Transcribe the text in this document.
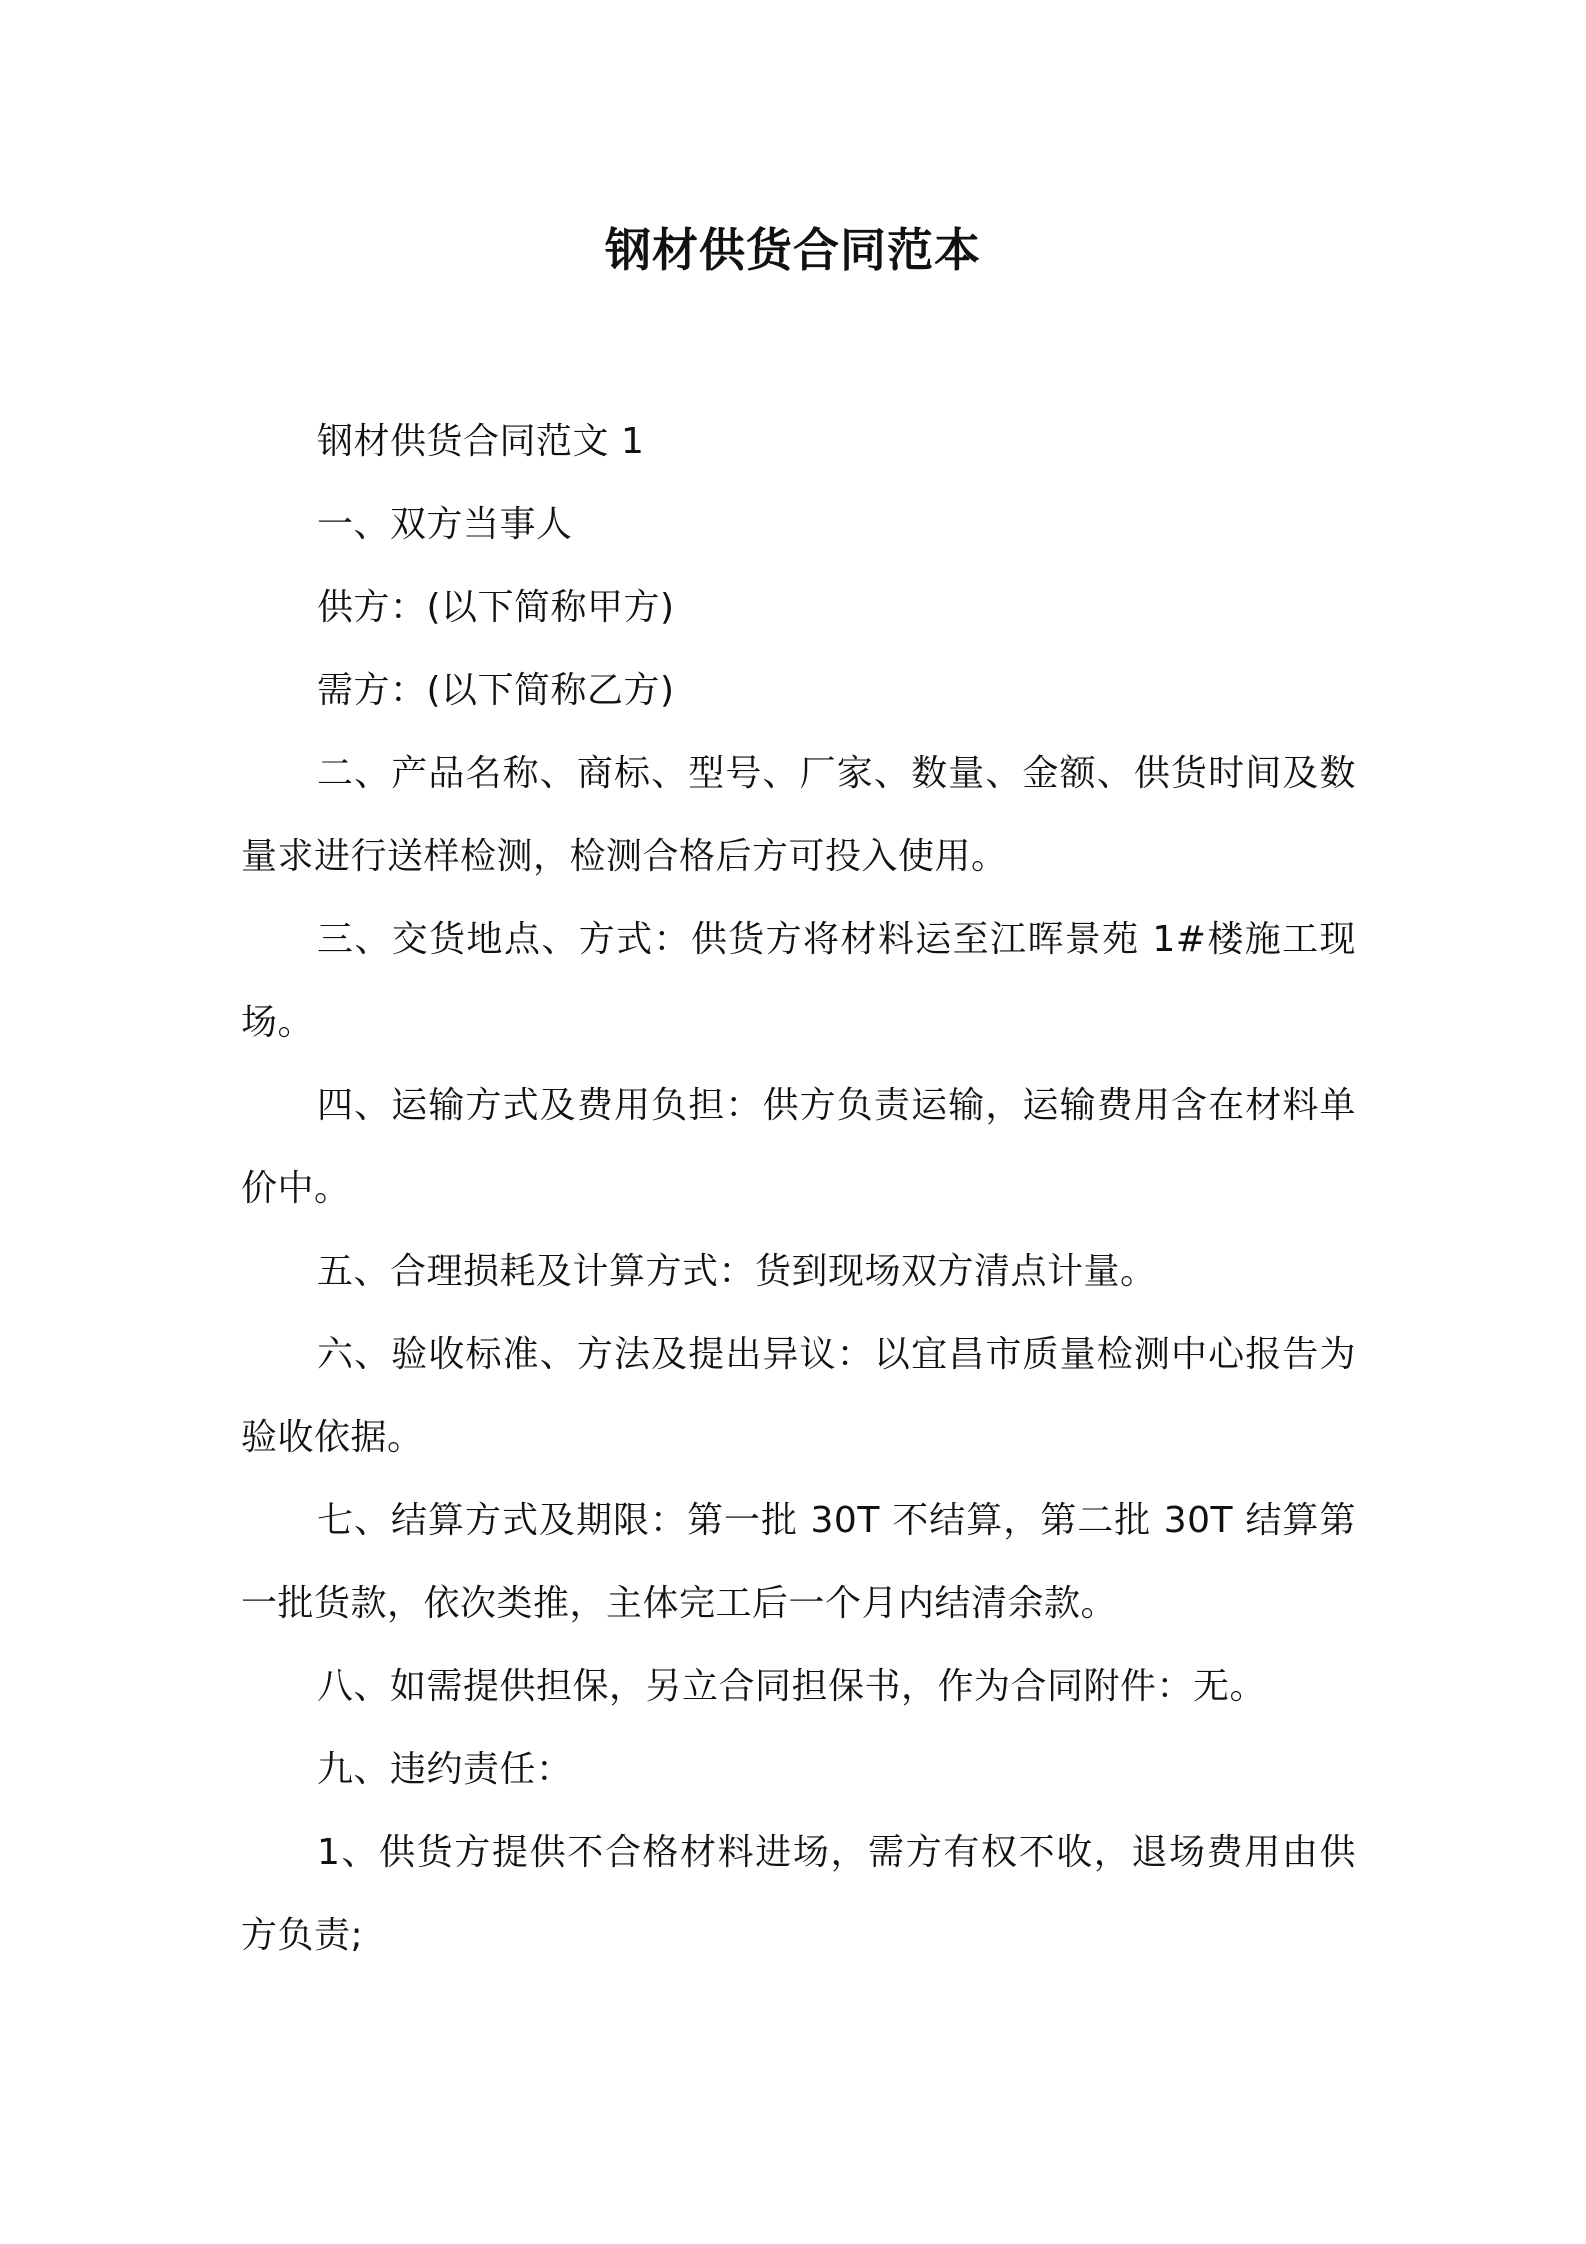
钢材供货合同范本

钢材供货合同范文 1

一、双方当事人

供方：(以下简称甲方)

需方：(以下简称乙方)

二、产品名称、商标、型号、厂家、数量、金额、供货时间及数量求进行送样检测，检测合格后方可投入使用。

三、交货地点、方式：供货方将材料运至江晖景苑 1#楼施工现场。

四、运输方式及费用负担：供方负责运输，运输费用含在材料单价中。

五、合理损耗及计算方式：货到现场双方清点计量。

六、验收标准、方法及提出异议：以宜昌市质量检测中心报告为验收依据。

七、结算方式及期限：第一批 30T 不结算，第二批 30T 结算第一批货款，依次类推，主体完工后一个月内结清余款。

八、如需提供担保，另立合同担保书，作为合同附件：无。

九、违约责任：

1、供货方提供不合格材料进场，需方有权不收，退场费用由供方负责;
